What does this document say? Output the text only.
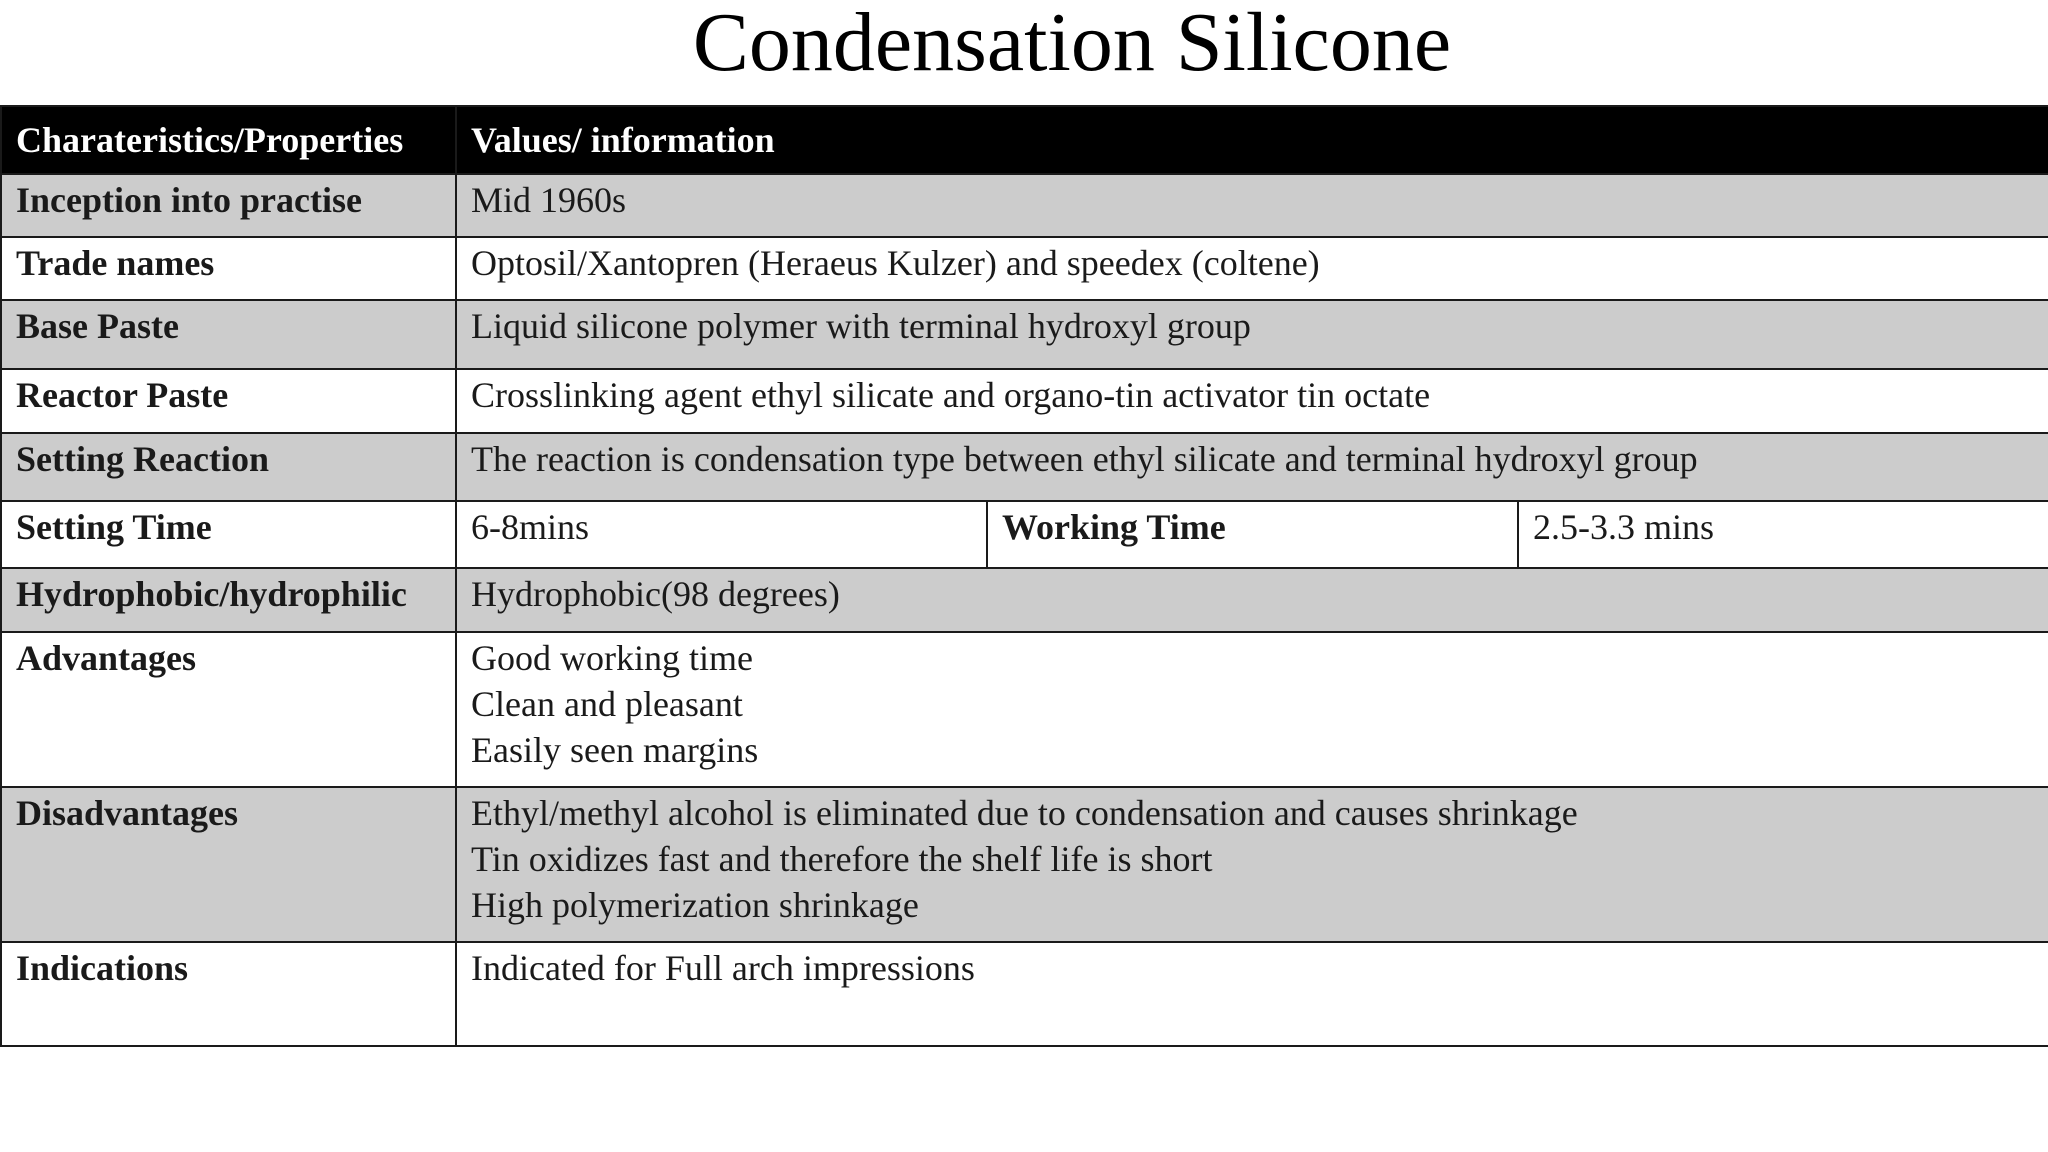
Condensation Silicone
Charateristics/Properties	Values/ information		
Inception into practise	Mid 1960s		
Trade names	Optosil/Xantopren (Heraeus Kulzer) and speedex (coltene)		
Base Paste	Liquid silicone polymer with terminal hydroxyl group		
Reactor Paste	Crosslinking agent ethyl silicate and organo-tin activator tin octate		
Setting Reaction	The reaction is condensation type between ethyl silicate and terminal hydroxyl group		
Setting Time	6-8mins	Working Time	2.5-3.3 mins
Hydrophobic/hydrophilic	Hydrophobic(98 degrees)		
Advantages	Good working time
Clean and pleasant
Easily seen margins		

Disadvantages	Ethyl/methyl alcohol is eliminated due to condensation and causes shrinkage
Tin oxidizes fast and therefore the shelf life is short
High polymerization shrinkage		

Indications	Indicated for Full arch impressions		
